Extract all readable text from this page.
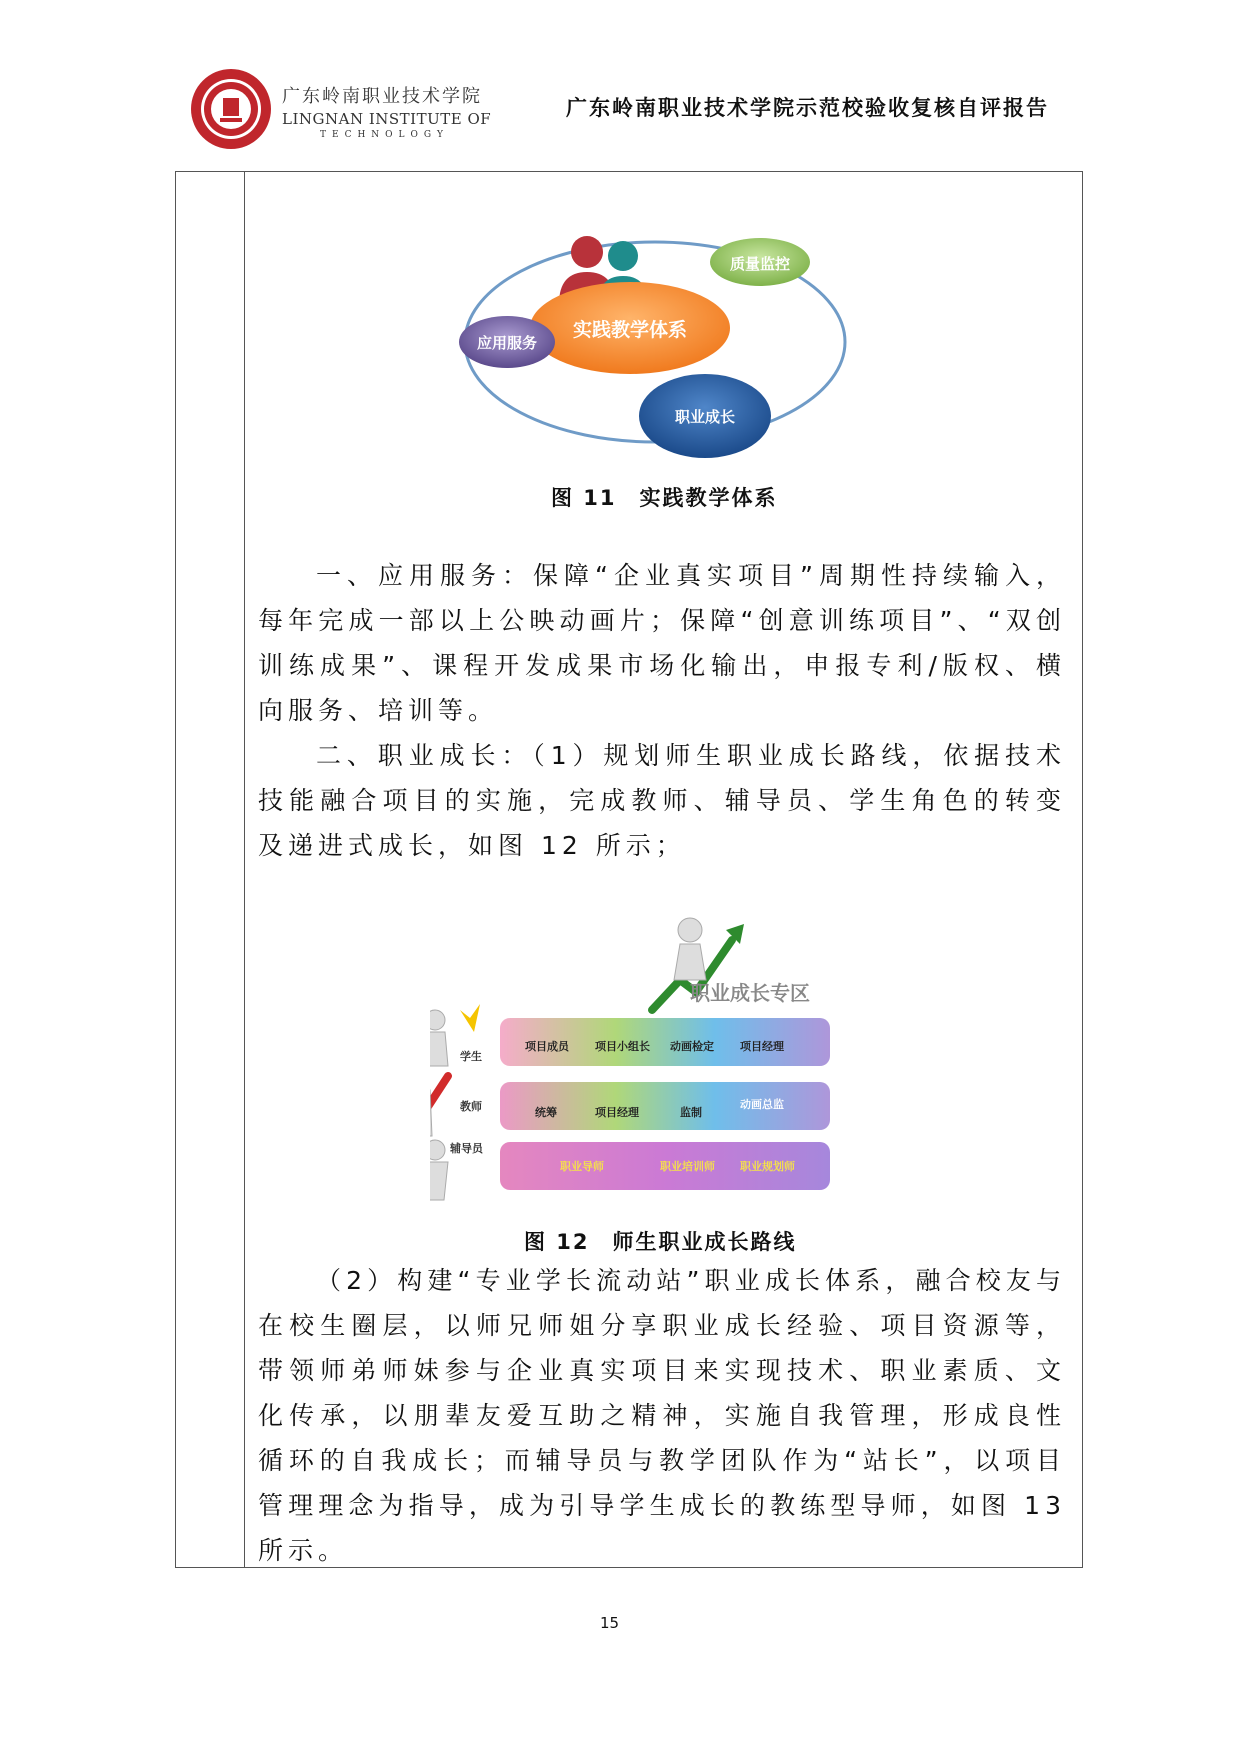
广东岭南职业技术学院
LINGNAN INSTITUTE OF
TECHNOLOGY
广东岭南职业技术学院示范校验收复核自评报告
实践教学体系
质量监控
应用服务
职业成长
图 11　实践教学体系
一、应用服务：保障“企业真实项目”周期性持续输入，每年完成一部以上公映动画片；保障“创意训练项目”、“双创训练成果”、课程开发成果市场化输出，申报专利/版权、横向服务、培训等。
二、职业成长：（1）规划师生职业成长路线，依据技术技能融合项目的实施，完成教师、辅导员、学生角色的转变及递进式成长，如图 12 所示；
职业成长专区
学生
项目成员 项目小组长 动画检定 项目经理
教师	统筹	项目经理	监制
动画总监
辅导员
职业导师	职业培训师 职业规划师
图 12　师生职业成长路线
（2）构建“专业学长流动站”职业成长体系，融合校友与在校生圈层，以师兄师姐分享职业成长经验、项目资源等，带领师弟师妹参与企业真实项目来实现技术、职业素质、文化传承，以朋辈友爱互助之精神，实施自我管理，形成良性循环的自我成长；而辅导员与教学团队作为“站长”，以项目管理理念为指导，成为引导学生成长的教练型导师，如图 13 所示。
15
